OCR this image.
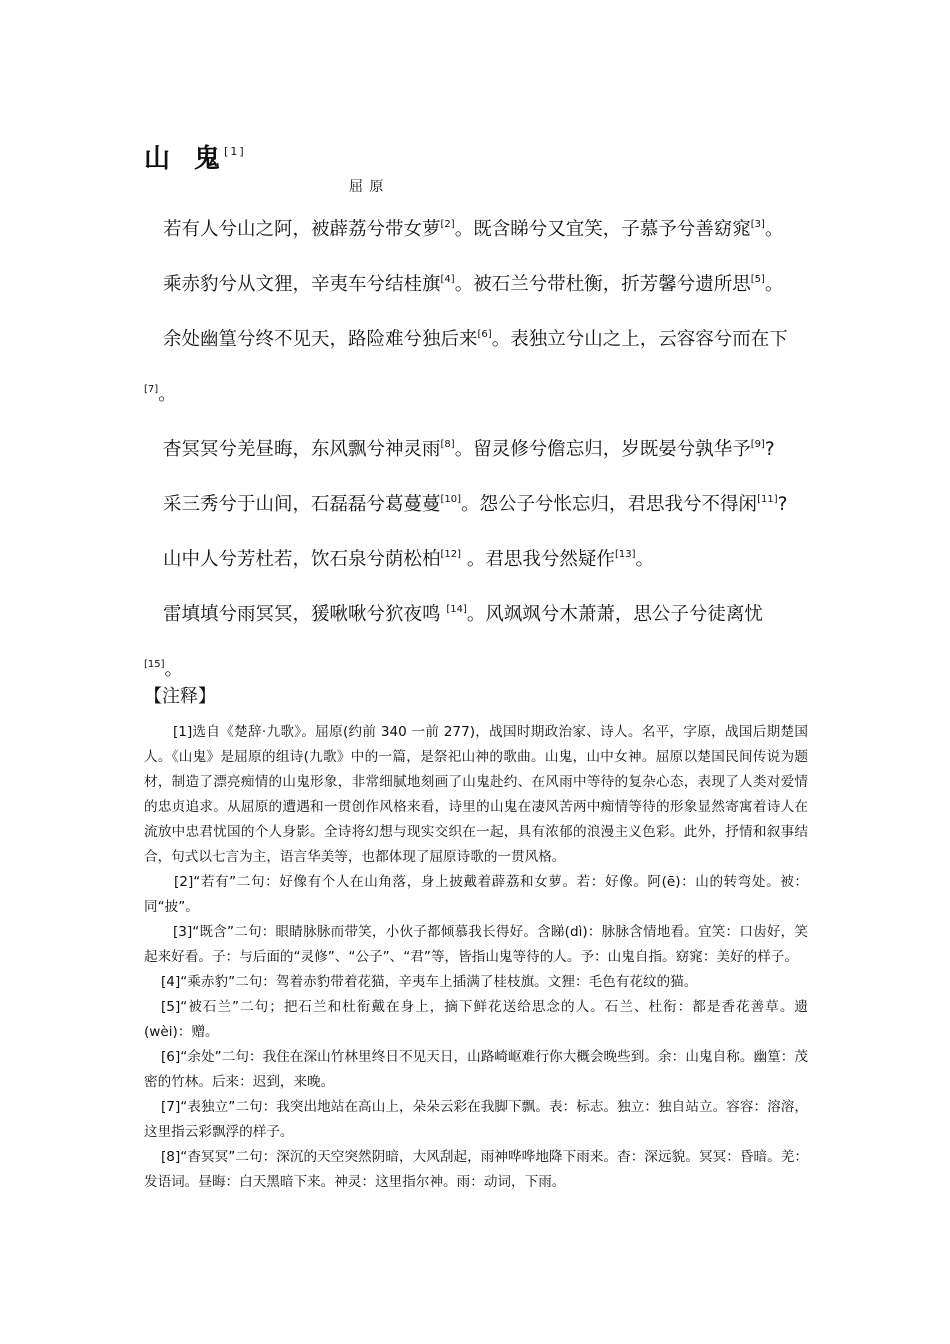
山 鬼 [1]
屈 原

若有人兮山之阿，被薜荔兮带女萝[2]。既含睇兮又宜笑，子慕予兮善窈窕[3]。

乘赤豹兮从文狸，辛夷车兮结桂旗[4]。被石兰兮带杜衡，折芳馨兮遗所思[5]。

余处幽篁兮终不见天，路险难兮独后来[6]。表独立兮山之上，云容容兮而在下[7]。

杳冥冥兮羌昼晦，东风飘兮神灵雨[8]。留灵修兮儋忘归，岁既晏兮孰华予[9]?

采三秀兮于山间，石磊磊兮葛蔓蔓[10]。怨公子兮怅忘归，君思我兮不得闲[11]?

山中人兮芳杜若，饮石泉兮荫松柏[12] 。君思我兮然疑作[13]。

雷填填兮雨冥冥，猨啾啾兮狖夜鸣 [14]。风飒飒兮木萧萧，思公子兮徒离忧
[15]。

【注释】

[1]选自《楚辞·九歌》。屈原(约前 340 一前 277)，战国时期政治家、诗人。名平，字原，战国后期楚国人。《山鬼》是屈原的组诗(九歌》中的一篇，是祭祀山神的歌曲。山鬼，山中女神。屈原以楚国民间传说为题材，制造了漂亮痴情的山鬼形象，非常细腻地刻画了山鬼赴约、在风雨中等待的复杂心态，表现了人类对爱情的忠贞追求。从屈原的遭遇和一贯创作风格来看，诗里的山鬼在凄风苦两中痴情等待的形象显然寄寓着诗人在流放中忠君忧国的个人身影。全诗将幻想与现实交织在一起，具有浓郁的浪漫主义色彩。此外，抒情和叙事结合，句式以七言为主，语言华美等，也都体现了屈原诗歌的一贯风格。

[2]“若有”二句：好像有个人在山角落，身上披戴着薜荔和女萝。若：好像。阿(ē)：山的转弯处。被：同“披”。

[3]“既含”二句：眼睛脉脉而带笑，小伙子都倾慕我长得好。含睇(dì)：脉脉含情地看。宜笑：口齿好，笑起来好看。子：与后面的“灵修”、“公子”、“君”等，皆指山鬼等待的人。予：山鬼自指。窈窕：美好的样子。

[4]“乘赤豹”二句：驾着赤豹带着花猫，辛夷车上插满了桂枝旗。文狸：毛色有花纹的猫。

[5]“被石兰”二句；把石兰和杜衔戴在身上，摘下鲜花送给思念的人。石兰、杜衔：都是香花善草。遗(wèi)：赠。

[6]“余处”二句：我住在深山竹林里终日不见天日，山路崎岖难行你大概会晚些到。余：山鬼自称。幽篁：茂密的竹林。后来：迟到，来晚。

[7]“表独立”二句：我突出地站在高山上，朵朵云彩在我脚下飘。表：标志。独立：独自站立。容容：溶溶，这里指云彩飘浮的样子。

[8]“杳冥冥”二句：深沉的天空突然阴暗，大风刮起，雨神哗哗地降下雨来。杳：深远貌。冥冥：昏暗。羌：发语词。昼晦：白天黑暗下来。神灵：这里指尔神。雨：动词，下雨。
